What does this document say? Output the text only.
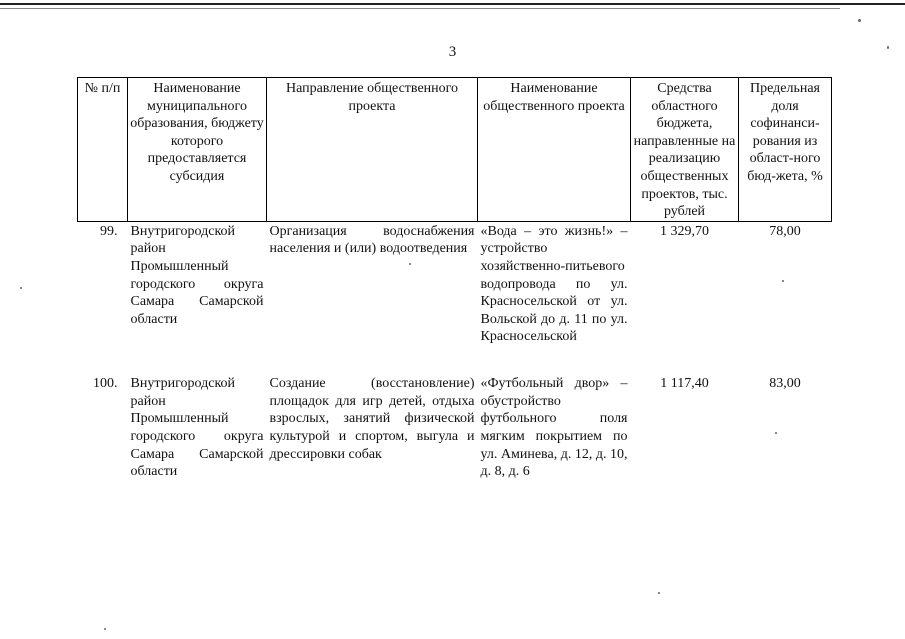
3
№ п/п	Наименование муниципального образования, бюджету которого предоставляется субсидия	Направление общественного проекта	Наименование общественного проекта	Средства областного бюджета, направленные на реализацию общественных проектов, тыс. рублей	Предельная доля софинанси-рования из област-ного бюд-жета, %
99.	Внутригородской район Промышленный городского округа Самара Самарской области	Организация водоснабжения населения и (или) водоотведения	«Вода – это жизнь!» – устройство хозяйственно-питьевого водопровода по ул. Красносельской от ул. Вольской до д. 11 по ул. Красносельской	1 329,70	78,00
100.	Внутригородской район Промышленный городского округа Самара Самарской области	Создание (восстановление) площадок для игр детей, отдыха взрослых, занятий физической культурой и спортом, выгула и дрессировки собак	«Футбольный двор» – обустройство футбольного поля мягким покрытием по ул. Аминева, д. 12, д. 10, д. 8, д. 6	1 117,40	83,00
